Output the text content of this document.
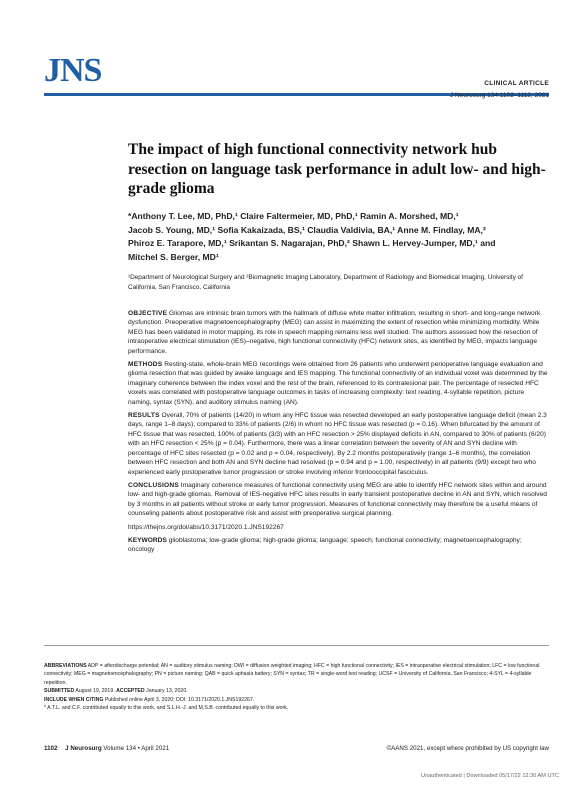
JNS	CLINICAL ARTICLE
J Neurosurg 134:1102–1112, 2021
The impact of high functional connectivity network hub resection on language task performance in adult low- and high-grade glioma
*Anthony T. Lee, MD, PhD,¹ Claire Faltermeier, MD, PhD,¹ Ramin A. Morshed, MD,¹
Jacob S. Young, MD,¹ Sofia Kakaizada, BS,¹ Claudia Valdivia, BA,¹ Anne M. Findlay, MA,²
Phiroz E. Tarapore, MD,¹ Srikantan S. Nagarajan, PhD,² Shawn L. Hervey-Jumper, MD,¹ and
Mitchel S. Berger, MD¹
¹Department of Neurological Surgery and ²Biomagnetic Imaging Laboratory, Department of Radiology and Biomedical Imaging, University of California, San Francisco, California

OBJECTIVE Gliomas are intrinsic brain tumors with the hallmark of diffuse white matter infiltration, resulting in short- and long-range network dysfunction. Preoperative magnetoencephalography (MEG) can assist in maximizing the extent of resection while minimizing morbidity. While MEG has been validated in motor mapping, its role in speech mapping remains less well studied. The authors assessed how the resection of intraoperative electrical stimulation (IES)–negative, high functional connectivity (HFC) network sites, as identified by MEG, impacts language performance.

METHODS Resting-state, whole-brain MEG recordings were obtained from 26 patients who underwent perioperative language evaluation and glioma resection that was guided by awake language and IES mapping. The functional connectivity of an individual voxel was determined by the imaginary coherence between the index voxel and the rest of the brain, referenced to its contralesional pair. The percentage of resected HFC voxels was correlated with postoperative language outcomes in tasks of increasing complexity: text reading, 4-syllable repetition, picture naming, syntax (SYN), and auditory stimulus naming (AN).

RESULTS Overall, 70% of patients (14/20) in whom any HFC tissue was resected developed an early postoperative language deficit (mean 2.3 days, range 1–8 days), compared to 33% of patients (2/6) in whom no HFC tissue was resected (p = 0.16). When bifurcated by the amount of HFC tissue that was resected, 100% of patients (3/3) with an HFC resection > 25% displayed deficits in AN, compared to 30% of patients (6/20) with an HFC resection < 25% (p = 0.04). Furthermore, there was a linear correlation between the severity of AN and SYN decline with percentage of HFC sites resected (p = 0.02 and p = 0.04, respectively). By 2.2 months postoperatively (range 1–6 months), the correlation between HFC resection and both AN and SYN decline had resolved (p = 0.94 and p = 1.00, respectively) in all patients (9/9) except two who experienced early postoperative tumor progression or stroke involving inferior frontooccipital fasciculus.

CONCLUSIONS Imaginary coherence measures of functional connectivity using MEG are able to identify HFC network sites within and around low- and high-grade gliomas. Removal of IES-negative HFC sites results in early transient postoperative decline in AN and SYN, which resolved by 3 months in all patients without stroke or early tumor progression. Measures of functional connectivity may therefore be a useful means of counseling patients about postoperative risk and assist with preoperative surgical planning.

https://thejns.org/doi/abs/10.3171/2020.1.JNS192267

KEYWORDS glioblastoma; low-grade glioma; high-grade glioma; language; speech; functional connectivity; magnetoencephalography; oncology

ABBREVIATIONS ADP = afterdischarge potential; AN = auditory stimulus naming; DWI = diffusion weighted imaging; HFC = high functional connectivity; IES = intraoperative electrical stimulation; LFC = low functional connectivity; MEG = magnetoencephalography; PN = picture naming; QAB = quick aphasia battery; SYN = syntax; TR = single-word text reading; UCSF = University of California, San Francisco; 4-SYL = 4-syllable repetition.
SUBMITTED August 19, 2019. ACCEPTED January 13, 2020.
INCLUDE WHEN CITING Published online April 3, 2020; DOI: 10.3171/2020.1.JNS192267.
* A.T.L. and C.F. contributed equally to this work, and S.L.H.-J. and M.S.B. contributed equally to this work.
1102 J Neurosurg Volume 134 • April 2021	©AANS 2021, except where prohibited by US copyright law
Unauthenticated | Downloaded 05/17/22 12:36 AM UTC
